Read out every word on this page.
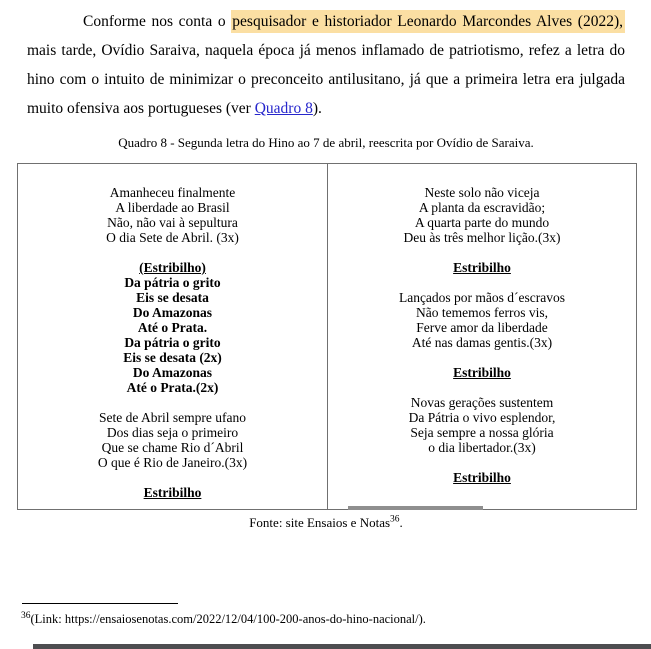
Conforme nos conta o pesquisador e historiador Leonardo Marcondes Alves (2022),
mais tarde, Ovídio Saraiva, naquela época já menos inflamado de patriotismo, refez a letra do
hino com o intuito de minimizar o preconceito antilusitano, já que a primeira letra era julgada
muito ofensiva aos portugueses (ver Quadro 8).
Quadro 8 - Segunda letra do Hino ao 7 de abril, reescrita por Ovídio de Saraiva.
Amanheceu finalmente
A liberdade ao Brasil
Não, não vai à sepultura
O dia Sete de Abril. (3x)

(Estribilho)
Da pátria o grito
Eis se desata
Do Amazonas
Até o Prata.
Da pátria o grito
Eis se desata (2x)
Do Amazonas
Até o Prata.(2x)

Sete de Abril sempre ufano
Dos dias seja o primeiro
Que se chame Rio d´Abril
O que é Rio de Janeiro.(3x)

Estribilho
Neste solo não viceja
A planta da escravidão;
A quarta parte do mundo
Deu às três melhor lição.(3x)

Estribilho

Lançados por mãos d´escravos
Não tememos ferros vis,
Ferve amor da liberdade
Até nas damas gentis.(3x)

Estribilho

Novas gerações sustentem
Da Pátria o vivo esplendor,
Seja sempre a nossa glória
o dia libertador.(3x)

Estribilho
Fonte: site Ensaios e Notas$^{36}$.
$^{36}$(Link: https://ensaiosenotas.com/2022/12/04/100-200-anos-do-hino-nacional/).
